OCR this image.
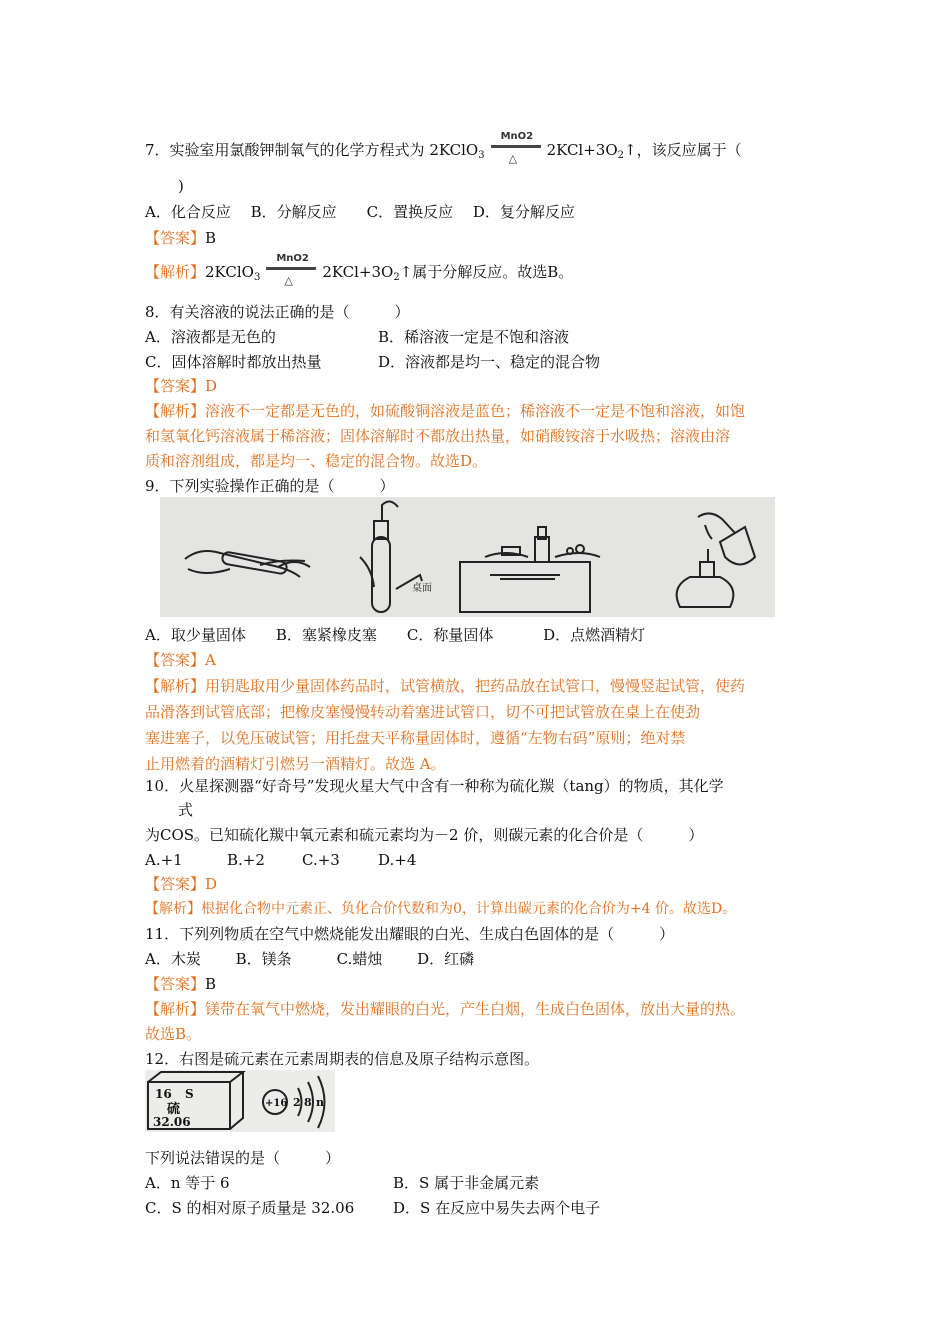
7．实验室用氯酸钾制氧气的化学方程式为 2KClO$_3$
MnO2
△ $2KCl+3O_2↑$，该反应属于（
)
A．化合反应　 B．分解反应　　C．置换反应　 D．复分解反应
【答案】B
【解析】2KClO$_3$
MnO2
△ $2KCl+3O_2↑$属于分解反应。故选B。
8．有关溶液的说法正确的是（　　　）
A．溶液都是无色的	B．稀溶液一定是不饱和溶液
C．固体溶解时都放出热量	D．溶液都是均一、稳定的混合物
【答案】D
【解析】溶液不一定都是无色的，如硫酸铜溶液是蓝色；稀溶液不一定是不饱和溶液，如饱
和氢氧化钙溶液属于稀溶液；固体溶解时不都放出热量，如硝酸铵溶于水吸热；溶液由溶
质和溶剂组成，都是均一、稳定的混合物。故选D。
9．下列实验操作正确的是（　　　）
桌面
A．取少量固体　　B．塞紧橡皮塞　　C．称量固体　　　 D．点燃酒精灯
【答案】A
【解析】用钥匙取用少量固体药品时，试管横放，把药品放在试管口，慢慢竖起试管，使药
品滑落到试管底部；把橡皮塞慢慢转动着塞进试管口，切不可把试管放在桌上在使劲
塞进塞子，以免压破试管；用托盘天平称量固体时，遵循“左物右码”原则；绝对禁
止用燃着的酒精灯引燃另一酒精灯。故选 A。
10．火星探测器“好奇号”发现火星大气中含有一种称为硫化羰（tang）的物质，其化学
式
为COS。已知硫化羰中氧元素和硫元素均为－2 价，则碳元素的化合价是（　　　）
A.+1	B.+2 C.+3	D.+4
【答案】D
【解析】根据化合物中元素正、负化合价代数和为0，计算出碳元素的化合价为+4 价。故选D。
11．下列列物质在空气中燃烧能发出耀眼的白光、生成白色固体的是（　　　）
A．木炭　　 B．镁条　　　C.蜡烛　　 D．红磷
【答案】B
【解析】镁带在氧气中燃烧，发出耀眼的白光，产生白烟，生成白色固体，放出大量的热。
故选B。
12．右图是硫元素在元素周期表的信息及原子结构示意图。
16 S
硫
32.06
+16 2 8 n
下列说法错误的是（　　　）
A．n 等于 6	B．S 属于非金属元素
C．S 的相对原子质量是 32.06	D．S 在反应中易失去两个电子
